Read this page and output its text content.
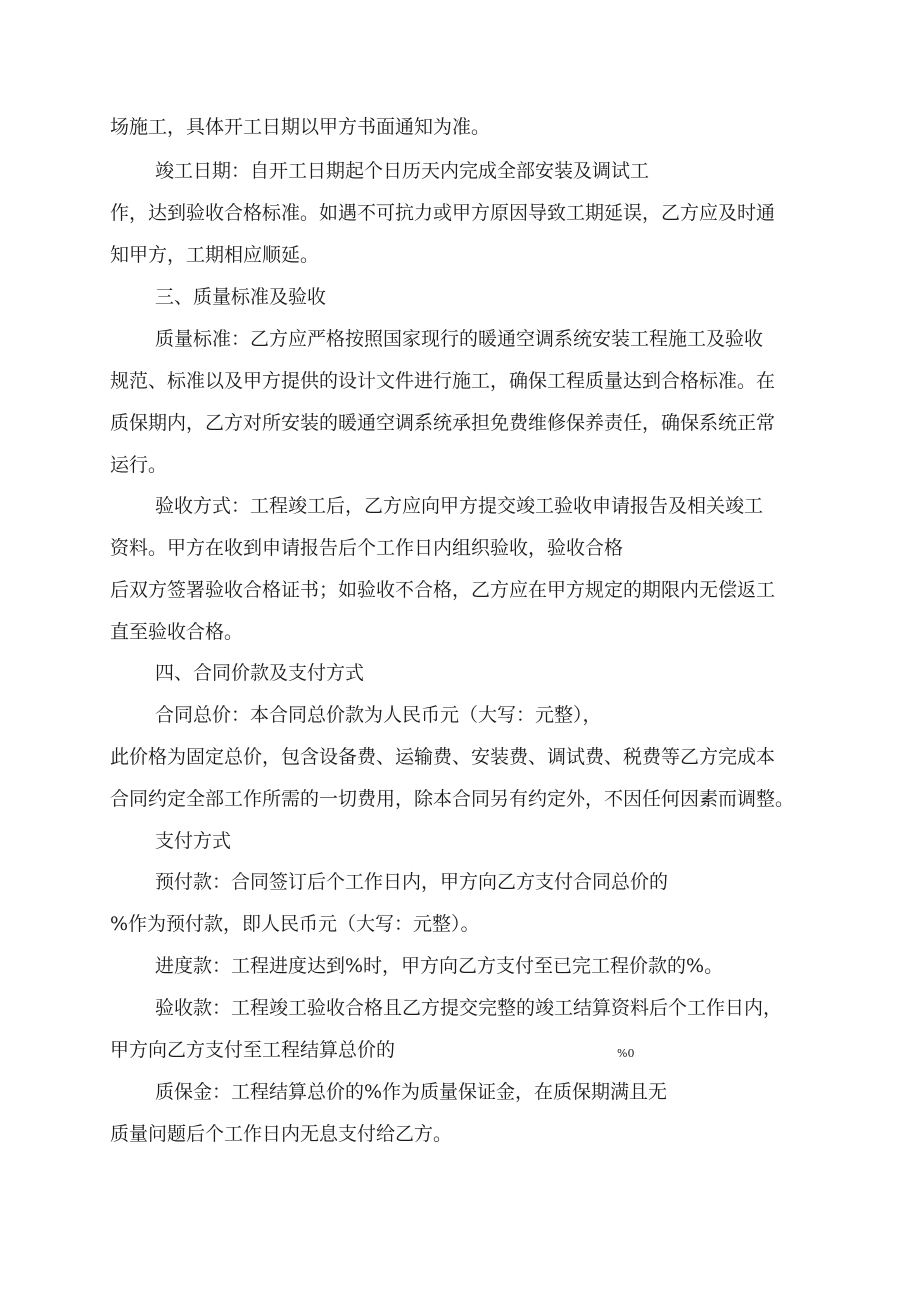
场施工，具体开工日期以甲方书面通知为准。
竣工日期：自开工日期起个日历天内完成全部安装及调试工
作，达到验收合格标准。如遇不可抗力或甲方原因导致工期延误，乙方应及时通
知甲方，工期相应顺延。
三、质量标准及验收
质量标准：乙方应严格按照国家现行的暖通空调系统安装工程施工及验收
规范、标准以及甲方提供的设计文件进行施工，确保工程质量达到合格标准。在
质保期内，乙方对所安装的暖通空调系统承担免费维修保养责任，确保系统正常
运行。
验收方式：工程竣工后，乙方应向甲方提交竣工验收申请报告及相关竣工
资料。甲方在收到申请报告后个工作日内组织验收，验收合格
后双方签署验收合格证书；如验收不合格，乙方应在甲方规定的期限内无偿返工
直至验收合格。
四、合同价款及支付方式
合同总价：本合同总价款为人民币元（大写：元整），
此价格为固定总价，包含设备费、运输费、安装费、调试费、税费等乙方完成本
合同约定全部工作所需的一切费用，除本合同另有约定外，不因任何因素而调整。
支付方式
预付款：合同签订后个工作日内，甲方向乙方支付合同总价的
%作为预付款，即人民币元（大写：元整）。
进度款：工程进度达到%时，甲方向乙方支付至已完工程价款的%。
验收款：工程竣工验收合格且乙方提交完整的竣工结算资料后个工作日内，
甲方向乙方支付至工程结算总价的	%0
质保金：工程结算总价的%作为质量保证金，在质保期满且无
质量问题后个工作日内无息支付给乙方。
